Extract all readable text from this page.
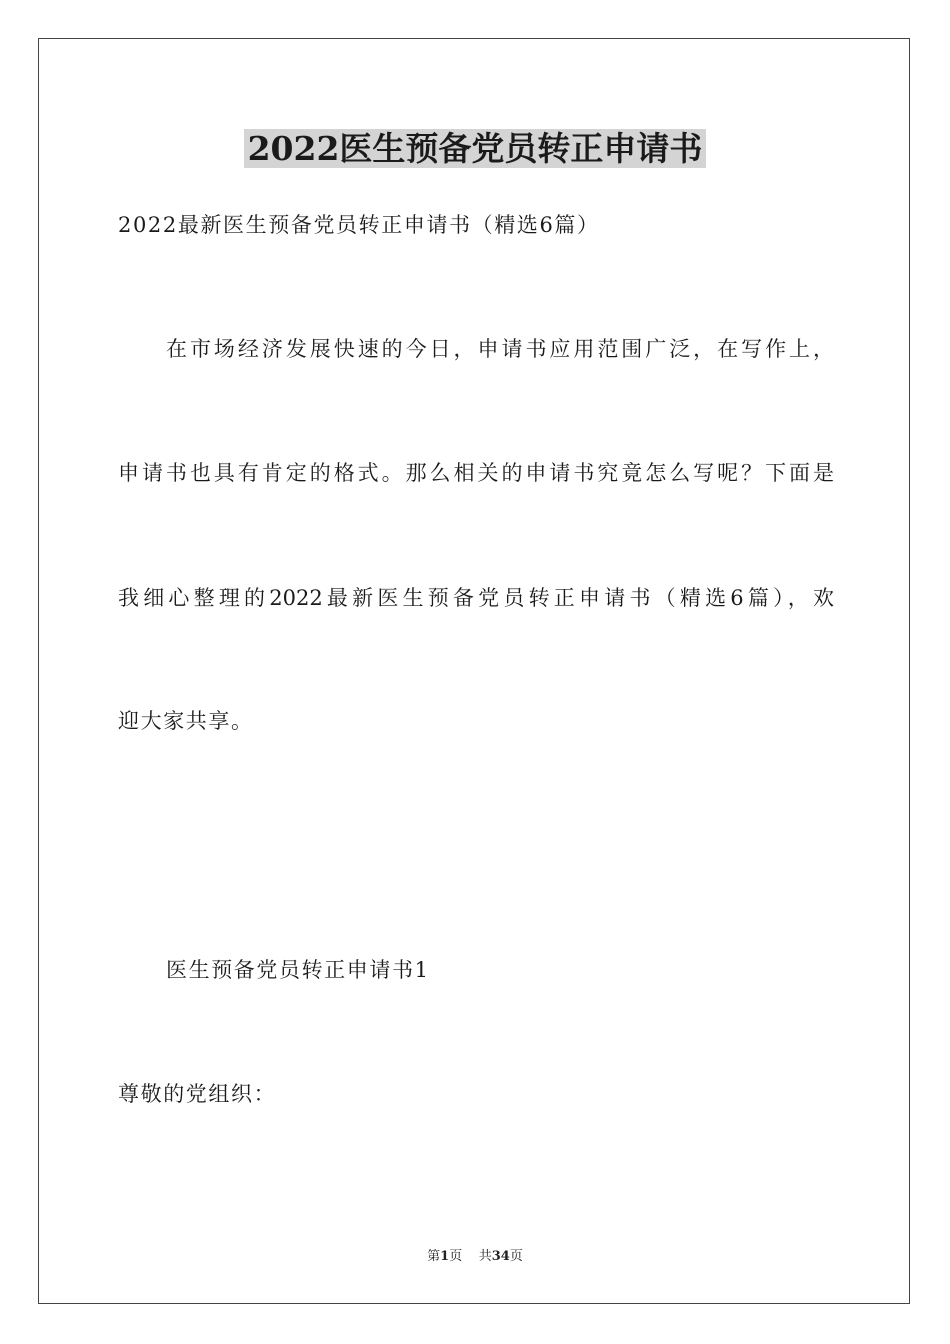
2022医生预备党员转正申请书
2022最新医生预备党员转正申请书（精选6篇）
在市场经济发展快速的今日，申请书应用范围广泛，在写作上，
申请书也具有肯定的格式。那么相关的申请书究竟怎么写呢？下面是
我细心整理的2022最新医生预备党员转正申请书（精选6篇），欢
迎大家共享。
医生预备党员转正申请书1
尊敬的党组织：
第1页 共34页
